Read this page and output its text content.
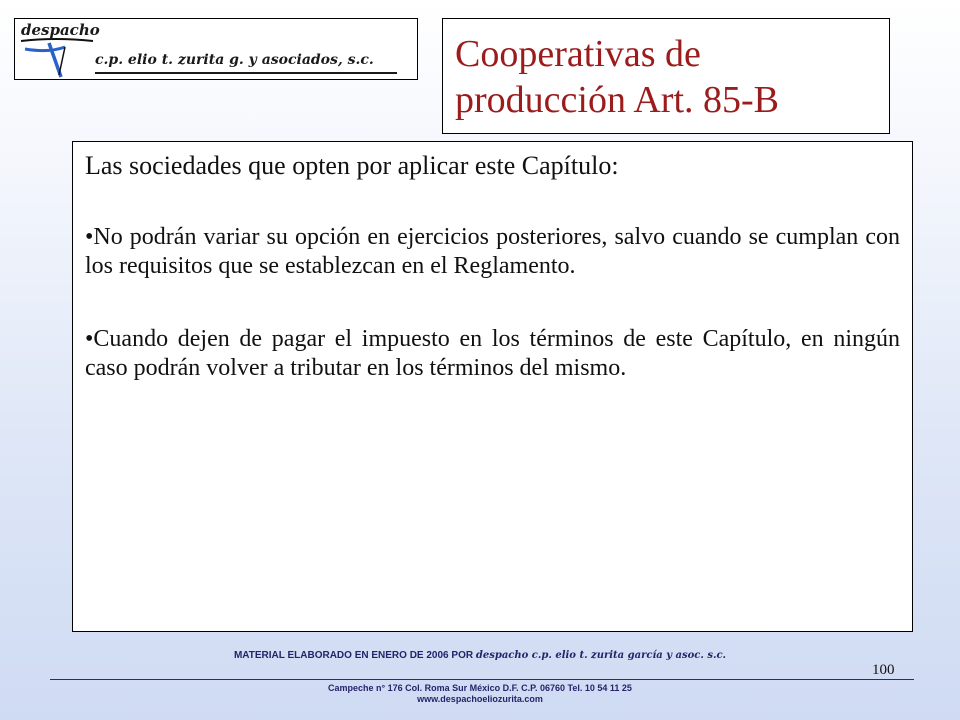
despacho
c.p. elio t. zurita g. y asociados, s.c. Cooperativas de
producción Art. 85-B

Las sociedades que opten por aplicar este Capítulo:

•No podrán variar su opción en ejercicios posteriores, salvo cuando se cumplan con los requisitos que se establezcan en el Reglamento.

•Cuando dejen de pagar el impuesto en los términos de este Capítulo, en ningún caso podrán volver a tributar en los términos del mismo.

MATERIAL ELABORADO EN ENERO DE 2006 POR despacho c.p. elio t. zurita garcía y asoc. s.c.
100
Campeche n° 176 Col. Roma Sur México D.F. C.P. 06760 Tel. 10 54 11 25
www.despachoeliozurita.com
